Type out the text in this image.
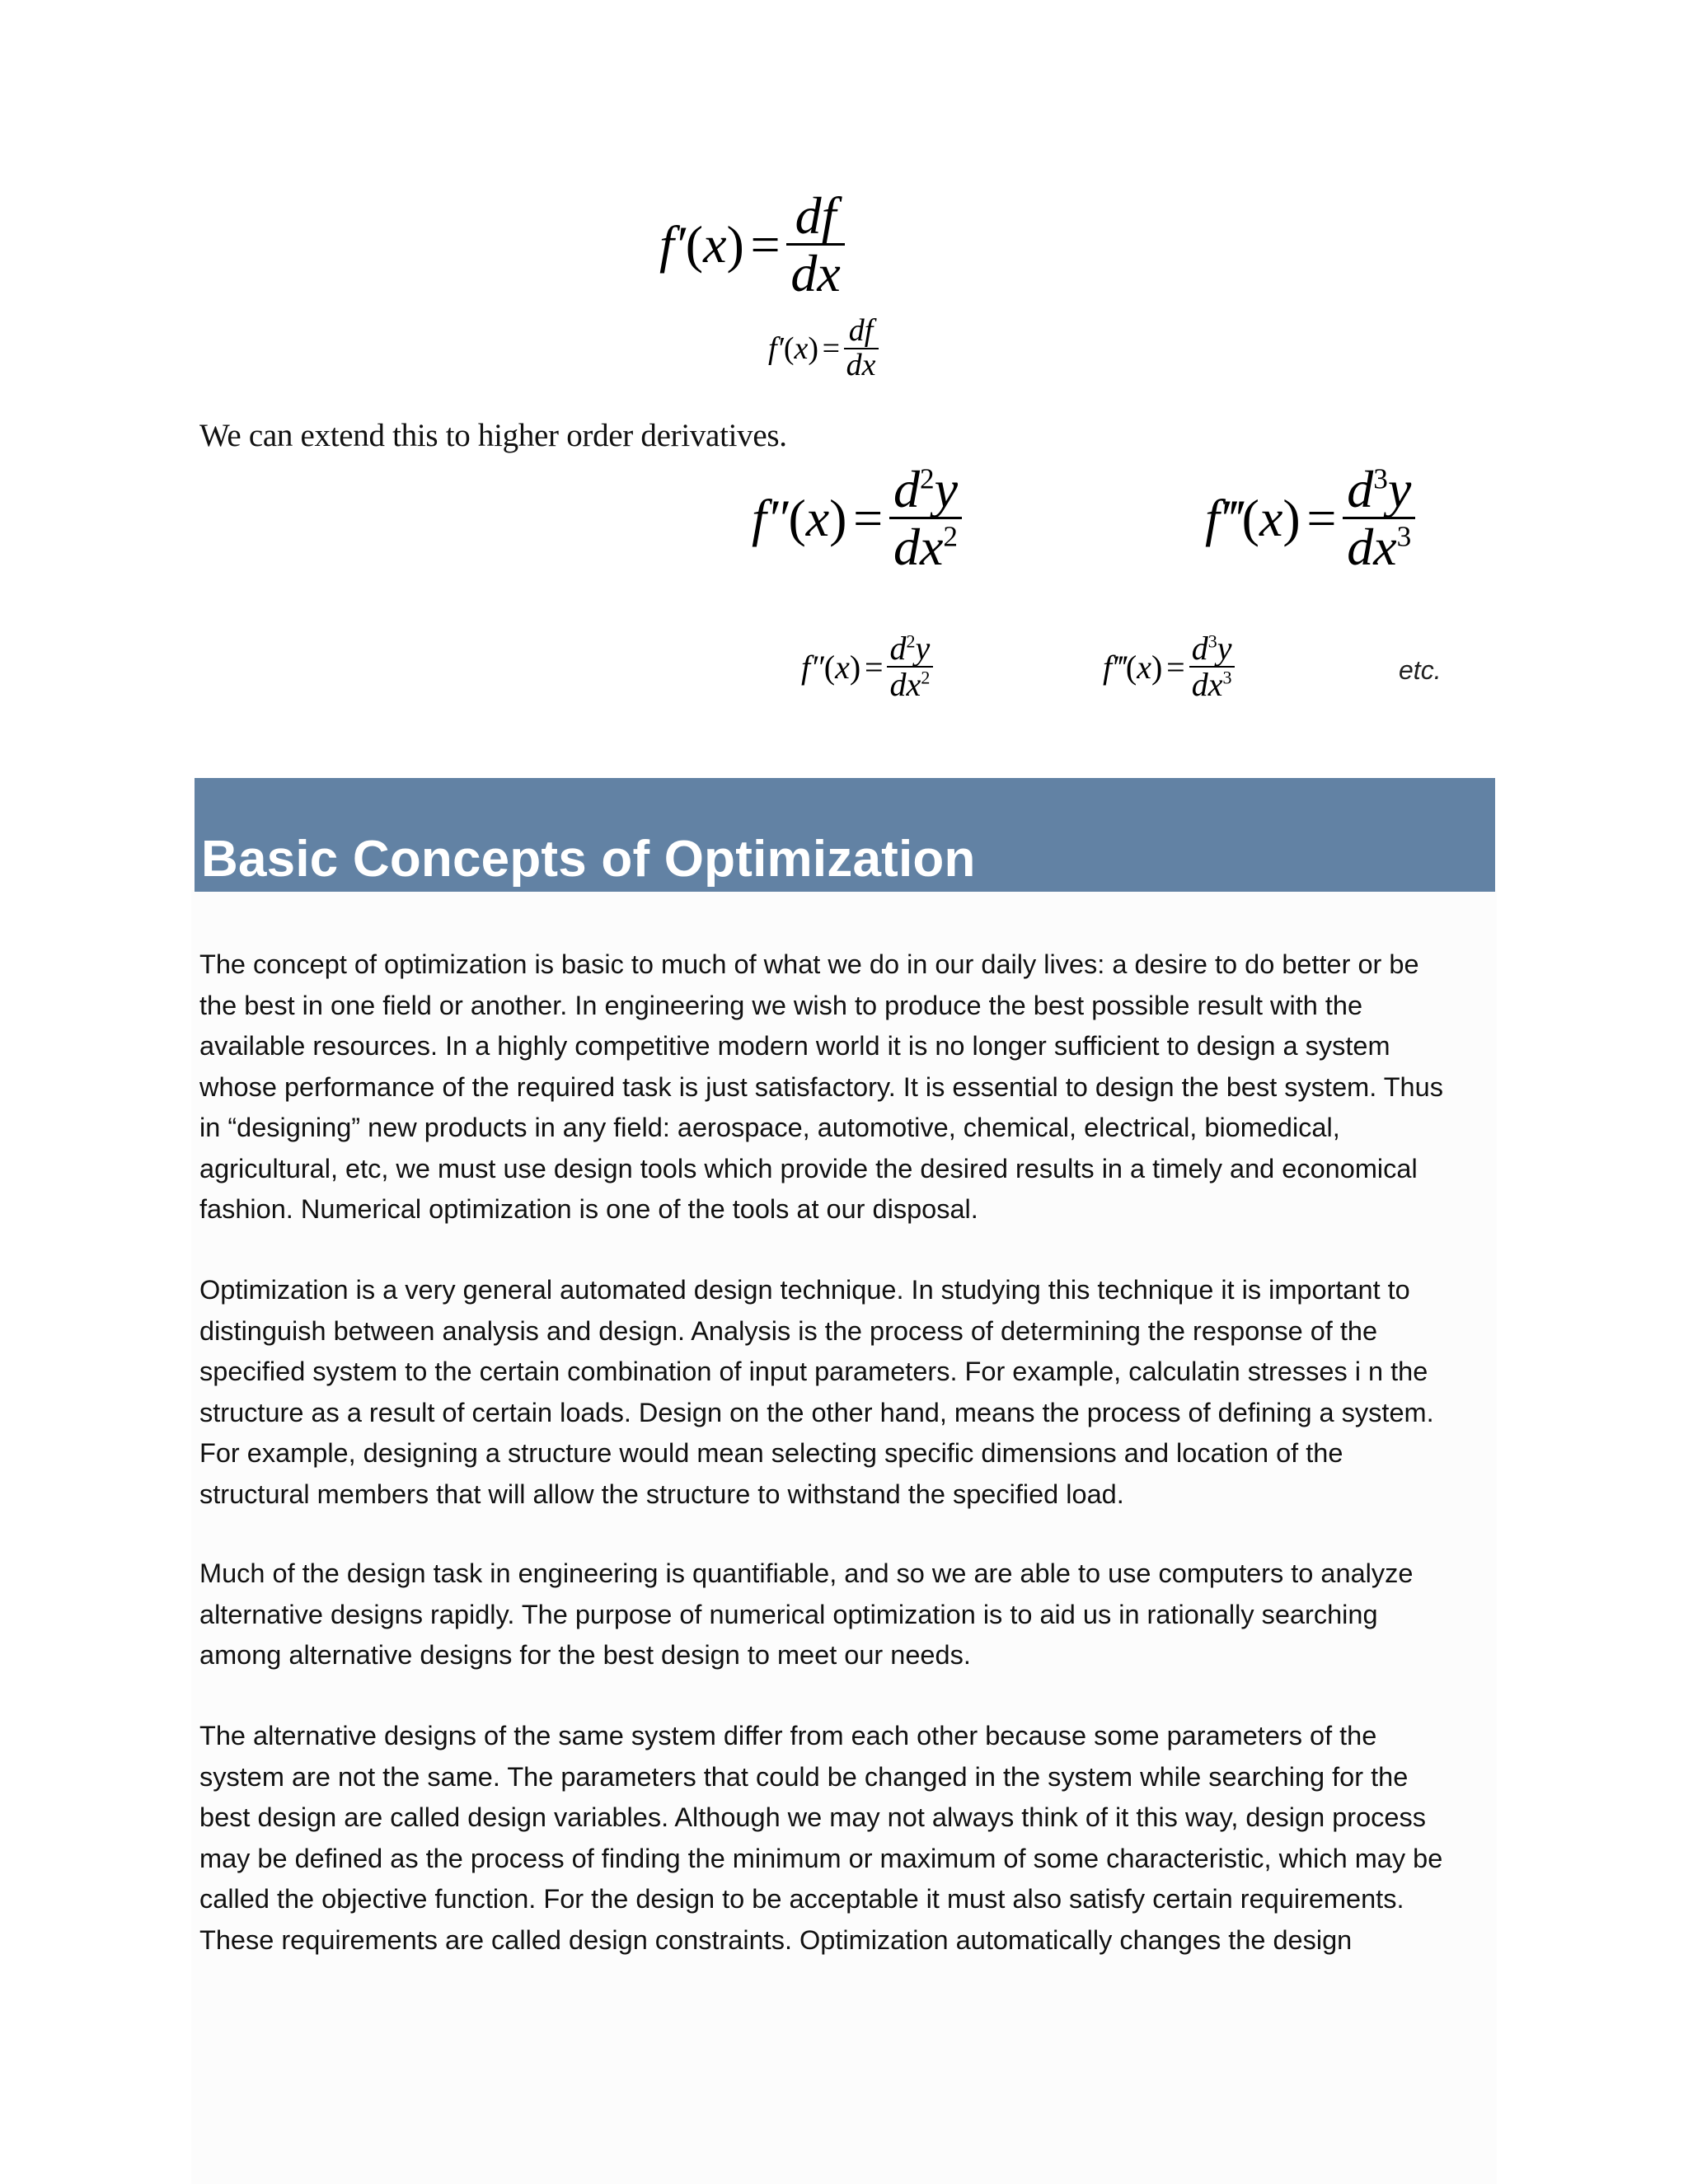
f′ ( x ) = $\frac{df}{dx}$
f′ ( x ) = $\frac{df}{dx}$

We can extend this to higher order derivatives.

f″ ( x ) = $\frac{d^2y}{dx^2}$	f‴ ( x ) = $\frac{d^3y}{dx^3}$
f″ ( x ) = $\frac{d^2y}{dx^2}$	f‴ ( x ) = $\frac{d^3y}{dx^3}$	etc.
Basic Concepts of Optimization

The concept of optimization is basic to much of what we do in our daily lives: a desire to do better or be
the best in one field or another. In engineering we wish to produce the best possible result with the
available resources. In a highly competitive modern world it is no longer sufficient to design a system
whose performance of the required task is just satisfactory. It is essential to design the best system. Thus
in “designing” new products in any field: aerospace, automotive, chemical, electrical, biomedical,
agricultural, etc, we must use design tools which provide the desired results in a timely and economical
fashion. Numerical optimization is one of the tools at our disposal.

Optimization is a very general automated design technique. In studying this technique it is important to
distinguish between analysis and design. Analysis is the process of determining the response of the
specified system to the certain combination of input parameters. For example, calculatin stresses i n the
structure as a result of certain loads. Design on the other hand, means the process of defining a system.
For example, designing a structure would mean selecting specific dimensions and location of the
structural members that will allow the structure to withstand the specified load.

Much of the design task in engineering is quantifiable, and so we are able to use computers to analyze
alternative designs rapidly. The purpose of numerical optimization is to aid us in rationally searching
among alternative designs for the best design to meet our needs.

The alternative designs of the same system differ from each other because some parameters of the
system are not the same. The parameters that could be changed in the system while searching for the
best design are called design variables. Although we may not always think of it this way, design process
may be defined as the process of finding the minimum or maximum of some characteristic, which may be
called the objective function. For the design to be acceptable it must also satisfy certain requirements.
These requirements are called design constraints. Optimization automatically changes the design
